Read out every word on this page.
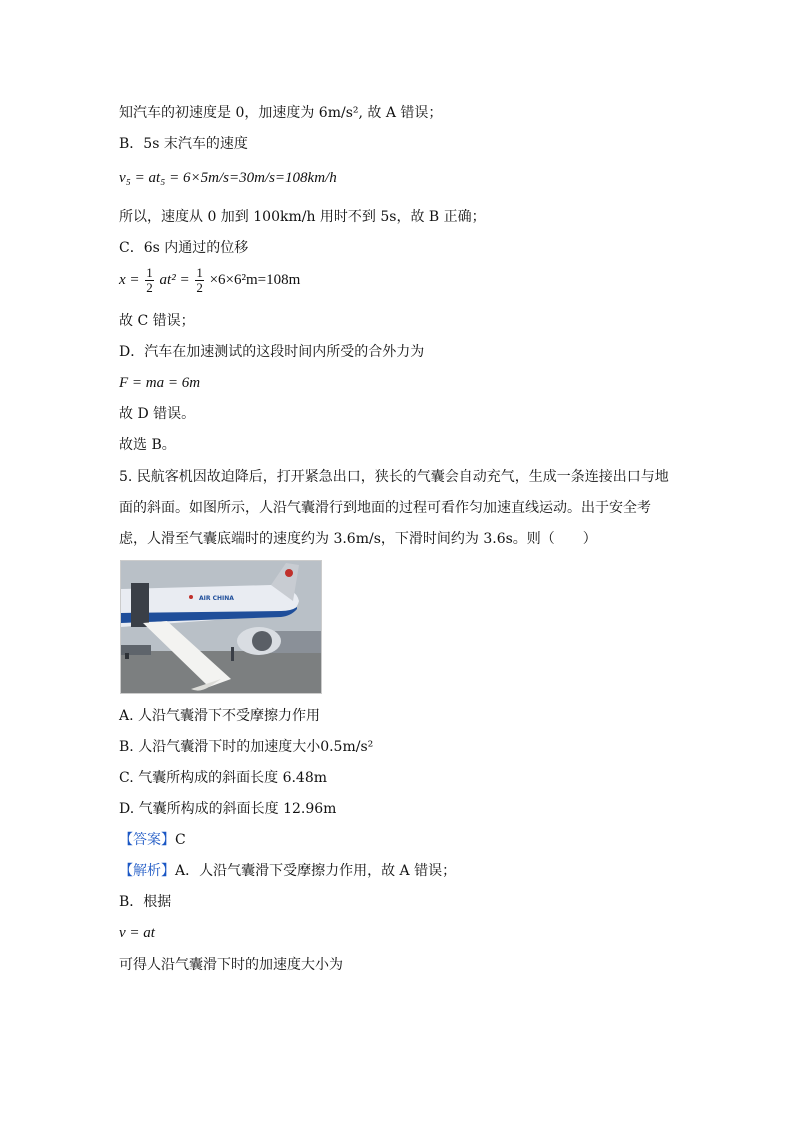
知汽车的初速度是 0，加速度为 6m/s², 故 A 错误；
B．5s 末汽车的速度
v₅ = at₅ = 6×5m/s=30m/s=108km/h
所以，速度从 0 加到 100km/h 用时不到 5s，故 B 正确；
C．6s 内通过的位移
$x = \frac{1}{2} at^2 = \frac{1}{2} \times 6\times 6^2m=108m$
故 C 错误；
D．汽车在加速测试的这段时间内所受的合外力为
F = ma = 6m
故 D 错误。
故选 B。
5. 民航客机因故迫降后，打开紧急出口，狭长的气囊会自动充气，生成一条连接出口与地
面的斜面。如图所示，人沿气囊滑行到地面的过程可看作匀加速直线运动。出于安全考
虑，人滑至气囊底端时的速度约为 3.6m/s，下滑时间约为 3.6s。则（　　）
AIR CHINA
A. 人沿气囊滑下不受摩擦力作用
B. 人沿气囊滑下时的加速度大小0.5m/s²
C. 气囊所构成的斜面长度 6.48m
D. 气囊所构成的斜面长度 12.96m
【答案】C
【解析】A．人沿气囊滑下受摩擦力作用，故 A 错误；
B．根据
v = at
可得人沿气囊滑下时的加速度大小为
